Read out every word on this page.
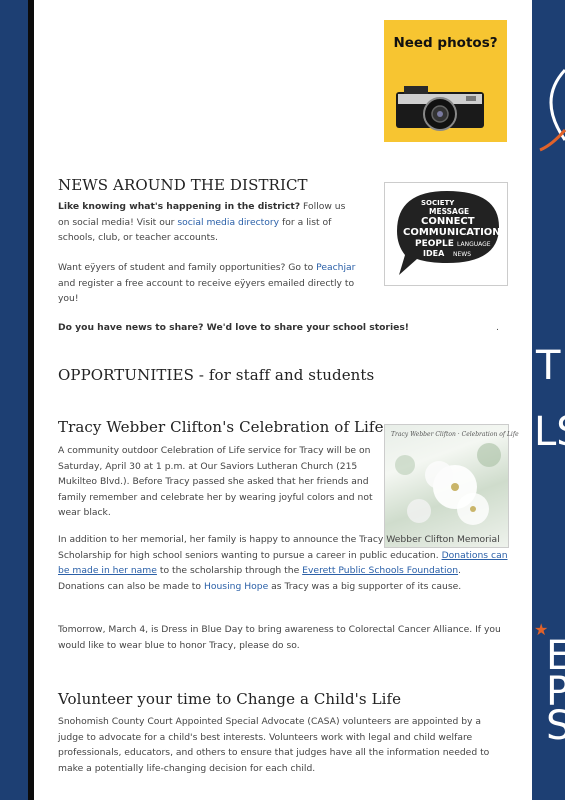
T
LS
★
E
P
S
Need photos?
NEWS AROUND THE DISTRICT
Like knowing what's happening in the district? Follow us on social media! Visit our social media directory for a list of schools, club, or teacher accounts.
Want eÿyers of student and family opportunities? Go to Peachjar and register a free account to receive eÿyers emailed directly to you!
Do you have news to share? We'd love to share your school stories!	.
SOCIETY
MESSAGE
CONNECT
COMMUNICATION
PEOPLE LANGUAGE
IDEA NEWS
OPPORTUNITIES - for staff and students
Tracy Webber Clifton's Celebration of Life
A community outdoor Celebration of Life service for Tracy will be on Saturday, April 30 at 1 p.m. at Our Saviors Lutheran Church (215 Mukilteo Blvd.). Before Tracy passed she asked that her friends and family remember and celebrate her by wearing joyful colors and not wear black.
Tracy Webber Clifton · Celebration of Life
In addition to her memorial, her family is happy to announce the Tracy Webber Clifton Memorial Scholarship for high school seniors wanting to pursue a career in public education. Donations can be made in her name to the scholarship through the Everett Public Schools Foundation. Donations can also be made to Housing Hope as Tracy was a big supporter of its cause.
Tomorrow, March 4, is Dress in Blue Day to bring awareness to Colorectal Cancer Alliance. If you would like to wear blue to honor Tracy, please do so.
Volunteer your time to Change a Child's Life
Snohomish County Court Appointed Special Advocate (CASA) volunteers are appointed by a judge to advocate for a child's best interests. Volunteers work with legal and child welfare professionals, educators, and others to ensure that judges have all the information needed to make a potentially life-changing decision for each child.
